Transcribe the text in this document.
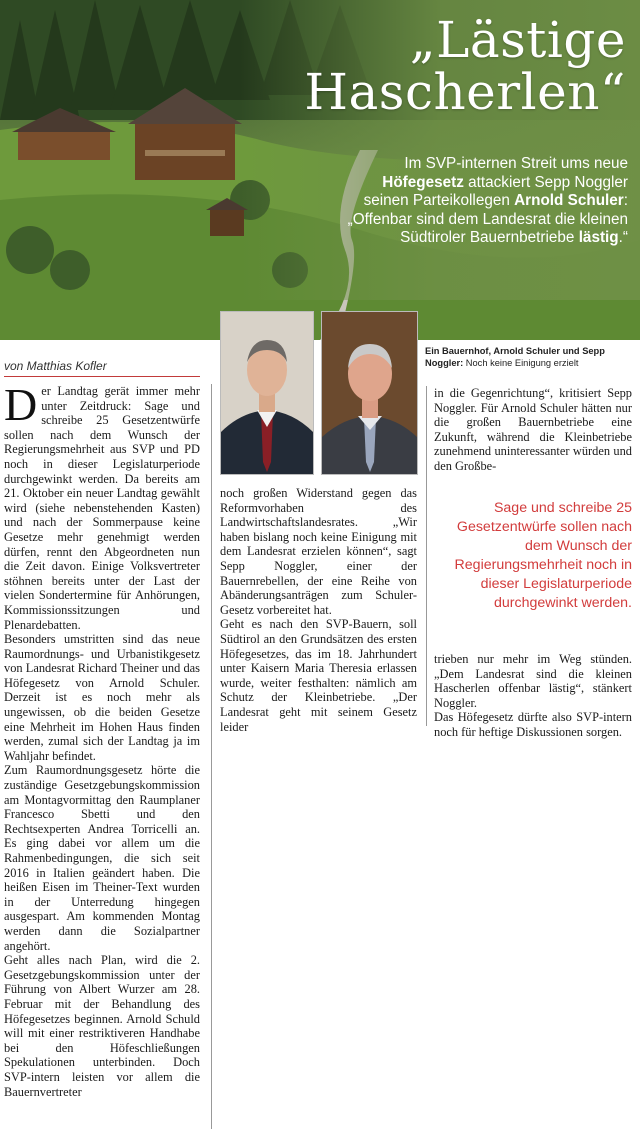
„Lästige
Hascherlen“
Im SVP-internen Streit ums neue Höfegesetz attackiert Sepp Noggler seinen Parteikollegen Arnold Schuler: „Offenbar sind dem Landesrat die kleinen Südtiroler Bauernbetriebe lästig.“
Ein Bauernhof, Arnold Schuler und Sepp Noggler: Noch keine Einigung erzielt
von Matthias Kofler

Der Landtag gerät immer mehr unter Zeitdruck: Sage und schreibe 25 Gesetzentwürfe sollen nach dem Wunsch der Regierungsmehrheit aus SVP und PD noch in dieser Legislaturperiode durchgewinkt werden. Da bereits am 21. Oktober ein neuer Landtag gewählt wird (siehe nebenstehenden Kasten) und nach der Sommerpause keine Gesetze mehr genehmigt werden dürfen, rennt den Abgeordneten nun die Zeit davon. Einige Volksvertreter stöhnen bereits unter der Last der vielen Sondertermine für Anhörungen, Kommissionssitzungen und Plenardebatten.

Besonders umstritten sind das neue Raumordnungs- und Urbanistikgesetz von Landesrat Richard Theiner und das Höfegesetz von Arnold Schuler. Derzeit ist es noch mehr als ungewissen, ob die beiden Gesetze eine Mehrheit im Hohen Haus finden werden, zumal sich der Landtag ja im Wahljahr befindet.

Zum Raumordnungsgesetz hörte die zuständige Gesetzgebungskommission am Montagvormittag den Raumplaner Francesco Sbetti und den Rechtsexperten Andrea Torricelli an. Es ging dabei vor allem um die Rahmenbedingungen, die sich seit 2016 in Italien geändert haben. Die heißen Eisen im Theiner-Text wurden in der Unterredung hingegen ausgespart. Am kommenden Montag werden dann die Sozialpartner angehört.

Geht alles nach Plan, wird die 2. Gesetzgebungskommission unter der Führung von Albert Wurzer am 28. Februar mit der Behandlung des Höfegesetzes beginnen. Arnold Schuld will mit einer restriktiveren Handhabe bei den Höfeschließungen Spekulationen unterbinden. Doch SVP-intern leisten vor allem die Bauernvertreter

noch großen Widerstand gegen das Reformvorhaben des Landwirtschaftslandesrates. „Wir haben bislang noch keine Einigung mit dem Landesrat erzielen können“, sagt Sepp Noggler, einer der Bauernrebellen, der eine Reihe von Abänderungsanträgen zum Schuler-Gesetz vorbereitet hat.

Geht es nach den SVP-Bauern, soll Südtirol an den Grundsätzen des ersten Höfegesetzes, das im 18. Jahrhundert unter Kaisern Maria Theresia erlassen wurde, weiter festhalten: nämlich am Schutz der Kleinbetriebe. „Der Landesrat geht mit seinem Gesetz leider

in die Gegenrichtung“, kritisiert Sepp Noggler. Für Arnold Schuler hätten nur die großen Bauernbetriebe eine Zukunft, während die Kleinbetriebe zunehmend uninteressanter würden und den Großbe-

Sage und schreibe 25 Gesetzentwürfe sollen nach dem Wunsch der Regierungsmehrheit noch in dieser Legislaturperiode durchgewinkt werden.

trieben nur mehr im Weg stünden. „Dem Landesrat sind die kleinen Hascherlen offenbar lästig“, stänkert Noggler.

Das Höfegesetz dürfte also SVP-intern noch für heftige Diskussionen sorgen.
